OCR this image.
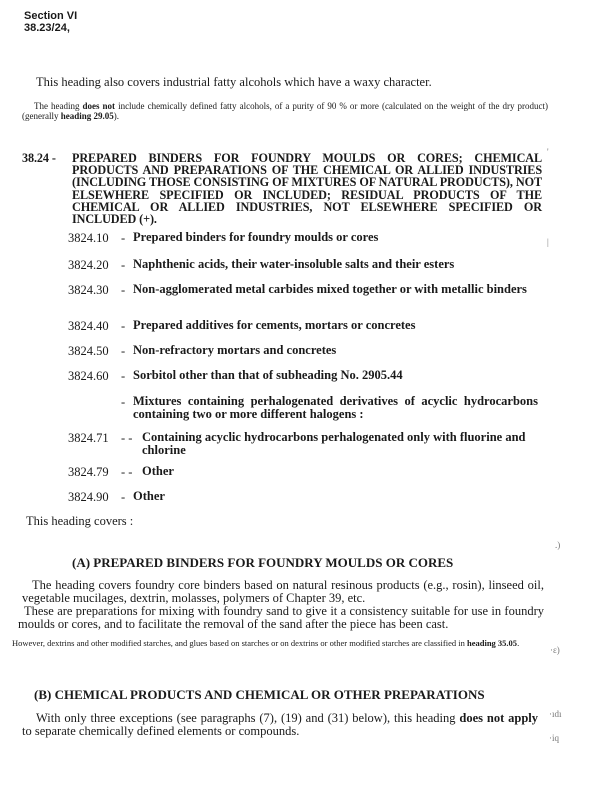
Section VI
38.23/24,
This heading also covers industrial fatty alcohols which have a waxy character.
The heading does not include chemically defined fatty alcohols, of a purity of 90 % or more (calculated on the weight of the dry product) (generally heading 29.05).
38.24 - PREPARED BINDERS FOR FOUNDRY MOULDS OR CORES; CHEMICAL PRODUCTS AND PREPARATIONS OF THE CHEMICAL OR ALLIED INDUSTRIES (INCLUDING THOSE CONSISTING OF MIXTURES OF NATURAL PRODUCTS), NOT ELSEWHERE SPECIFIED OR INCLUDED; RESIDUAL PRODUCTS OF THE CHEMICAL OR ALLIED INDUSTRIES, NOT ELSEWHERE SPECIFIED OR INCLUDED (+).
3824.10 - Prepared binders for foundry moulds or cores
3824.20 - Naphthenic acids, their water-insoluble salts and their esters
3824.30 - Non-agglomerated metal carbides mixed together or with metallic binders
3824.40 - Prepared additives for cements, mortars or concretes
3824.50 - Non-refractory mortars and concretes
3824.60 - Sorbitol other than that of subheading No. 2905.44
- Mixtures containing perhalogenated derivatives of acyclic hydrocarbons containing two or more different halogens :
3824.71 - - Containing acyclic hydrocarbons perhalogenated only with fluorine and chlorine
3824.79 - - Other
3824.90 - Other
This heading covers :
(A) PREPARED BINDERS FOR FOUNDRY MOULDS OR CORES
The heading covers foundry core binders based on natural resinous products (e.g., rosin), linseed oil, vegetable mucilages, dextrin, molasses, polymers of Chapter 39, etc.
These are preparations for mixing with foundry sand to give it a consistency suitable for use in foundry moulds or cores, and to facilitate the removal of the sand after the piece has been cast.
However, dextrins and other modified starches, and glues based on starches or on dextrins or other modified starches are classified in heading 35.05.
(B) CHEMICAL PRODUCTS AND CHEMICAL OR OTHER PREPARATIONS
With only three exceptions (see paragraphs (7), (19) and (31) below), this heading does not apply to separate chemically defined elements or compounds.
'
|
.)
·ɛ)
·ıdı
·iq
